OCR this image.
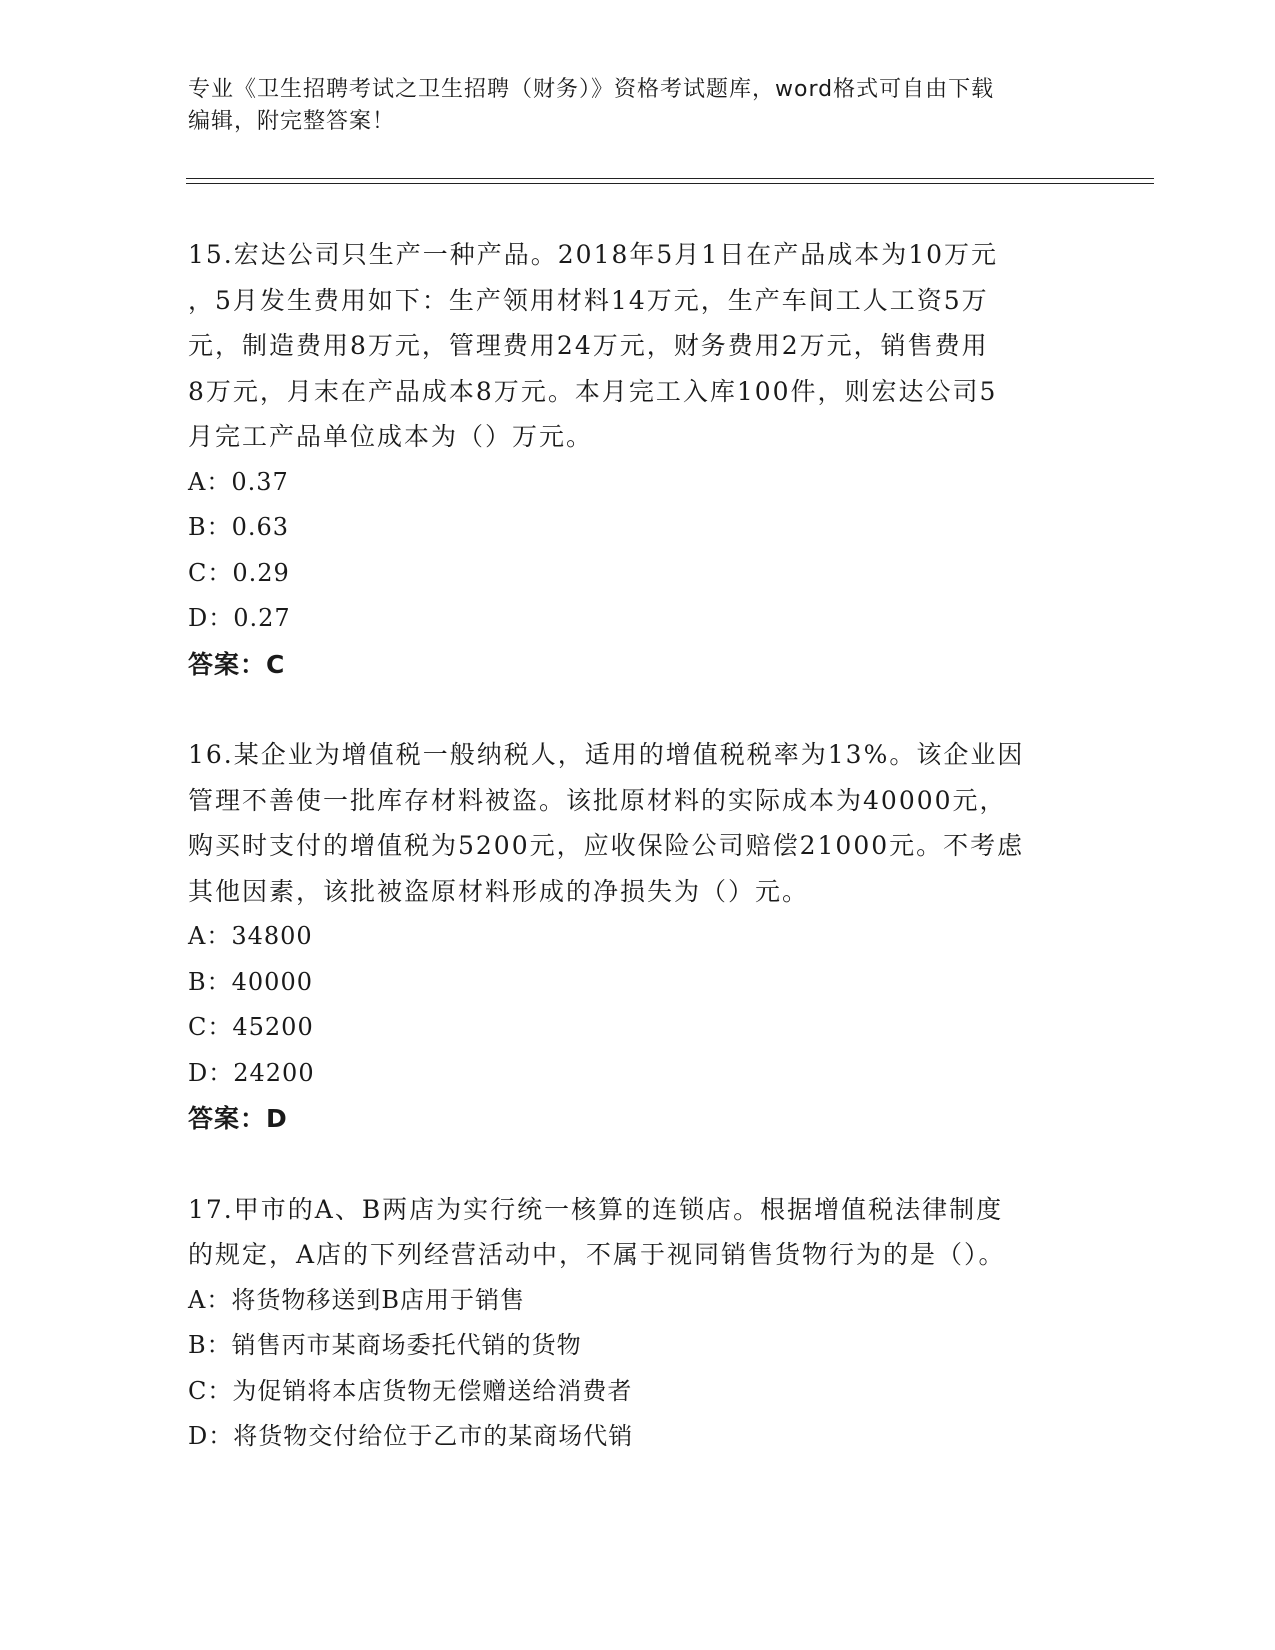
专业《卫生招聘考试之卫生招聘（财务）》资格考试题库，word格式可自由下载
编辑，附完整答案！
15.宏达公司只生产一种产品。2018年5月1日在产品成本为10万元
，5月发生费用如下：生产领用材料14万元，生产车间工人工资5万
元，制造费用8万元，管理费用24万元，财务费用2万元，销售费用
8万元，月末在产品成本8万元。本月完工入库100件，则宏达公司5
月完工产品单位成本为（）万元。
A：0.37
B：0.63
C：0.29
D：0.27
答案：C
16.某企业为增值税一般纳税人，适用的增值税税率为13%。该企业因
管理不善使一批库存材料被盗。该批原材料的实际成本为40000元，
购买时支付的增值税为5200元，应收保险公司赔偿21000元。不考虑
其他因素，该批被盗原材料形成的净损失为（）元。
A：34800
B：40000
C：45200
D：24200
答案：D
17.甲市的A、B两店为实行统一核算的连锁店。根据增值税法律制度
的规定，A店的下列经营活动中，不属于视同销售货物行为的是（）。
A：将货物移送到B店用于销售
B：销售丙市某商场委托代销的货物
C：为促销将本店货物无偿赠送给消费者
D：将货物交付给位于乙市的某商场代销
